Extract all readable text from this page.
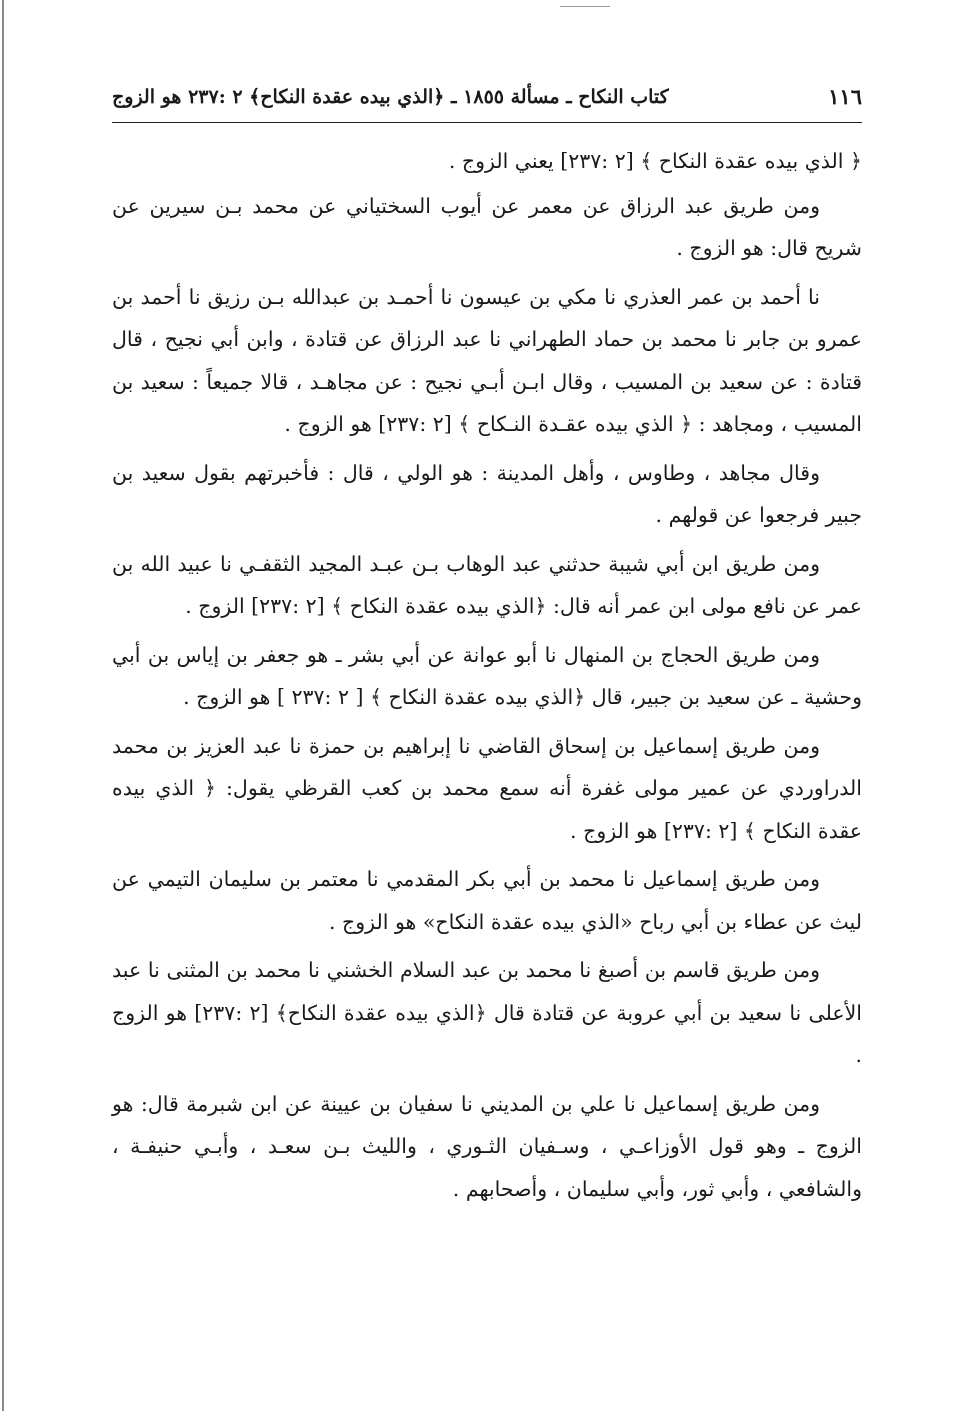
١١٦
كتاب النكاح ـ مسألة ١٨٥٥ ـ ﴿الذي بيده عقدة النكاح﴾ ٢ :٢٣٧ هو الزوج

﴿ الذي بيده عقدة النكاح ﴾ [٢ :٢٣٧] يعني الزوج .

ومن طريق عبد الرزاق عن معمر عن أيوب السختياني عن محمد بـن سيرين عن شريح قال: هو الزوج .

نا أحمد بن عمر العذري نا مكي بن عيسون نا أحمـد بن عبدالله بـن رزيق نا أحمد بن عمرو بن جابر نا محمد بن حماد الطهراني نا عبد الرزاق عن قتادة ، وابن أبي نجيح ، قال قتادة : عن سعيد بن المسيب ، وقال ابـن أبـي نجيح : عن مجاهـد ، قالا جميعاً : سعيد بن المسيب ، ومجاهد : ﴿ الذي بيده عقـدة النـكاح ﴾ [٢ :٢٣٧] هو الزوج .

وقال مجاهد ، وطاوس ، وأهل المدينة : هو الولي ، قال : فأخبرتهم بقول سعيد بن جبير فرجعوا عن قولهم .

ومن طريق ابن أبي شيبة حدثني عبد الوهاب بـن عبـد المجيد الثقفـي نا عبيد الله بن عمر عن نافع مولى ابن عمر أنه قال: ﴿الذي بيده عقدة النكاح ﴾ [٢ :٢٣٧] الزوج .

ومن طريق الحجاج بن المنهال نا أبو عوانة عن أبي بشر ـ هو جعفر بن إياس بن أبي وحشية ـ عن سعيد بن جبير، قال ﴿الذي بيده عقدة النكاح ﴾ [ ٢ :٢٣٧ ] هو الزوج .

ومن طريق إسماعيل بن إسحاق القاضي نا إبراهيم بن حمزة نا عبد العزيز بن محمد الدراوردي عن عمير مولى غفرة أنه سمع محمد بن كعب القرظي يقول: ﴿ الذي بيده عقدة النكاح ﴾ [٢ :٢٣٧] هو الزوج .

ومن طريق إسماعيل نا محمد بن أبي بكر المقدمي نا معتمر بن سليمان التيمي عن ليث عن عطاء بن أبي رباح «الذي بيده عقدة النكاح» هو الزوج .

ومن طريق قاسم بن أصبغ نا محمد بن عبد السلام الخشني نا محمد بن المثنى نا عبد الأعلى نا سعيد بن أبي عروبة عن قتادة قال ﴿الذي بيده عقدة النكاح﴾ [٢ :٢٣٧] هو الزوج .

ومن طريق إسماعيل نا علي بن المديني نا سفيان بن عيينة عن ابن شبرمة قال: هو الزوج ـ وهو قول الأوزاعـي ، وسـفيان الثـوري ، والليث بـن سعـد ، وأبـي حنيفـة ، والشافعي ، وأبي ثور، وأبي سليمان ، وأصحابهم .
